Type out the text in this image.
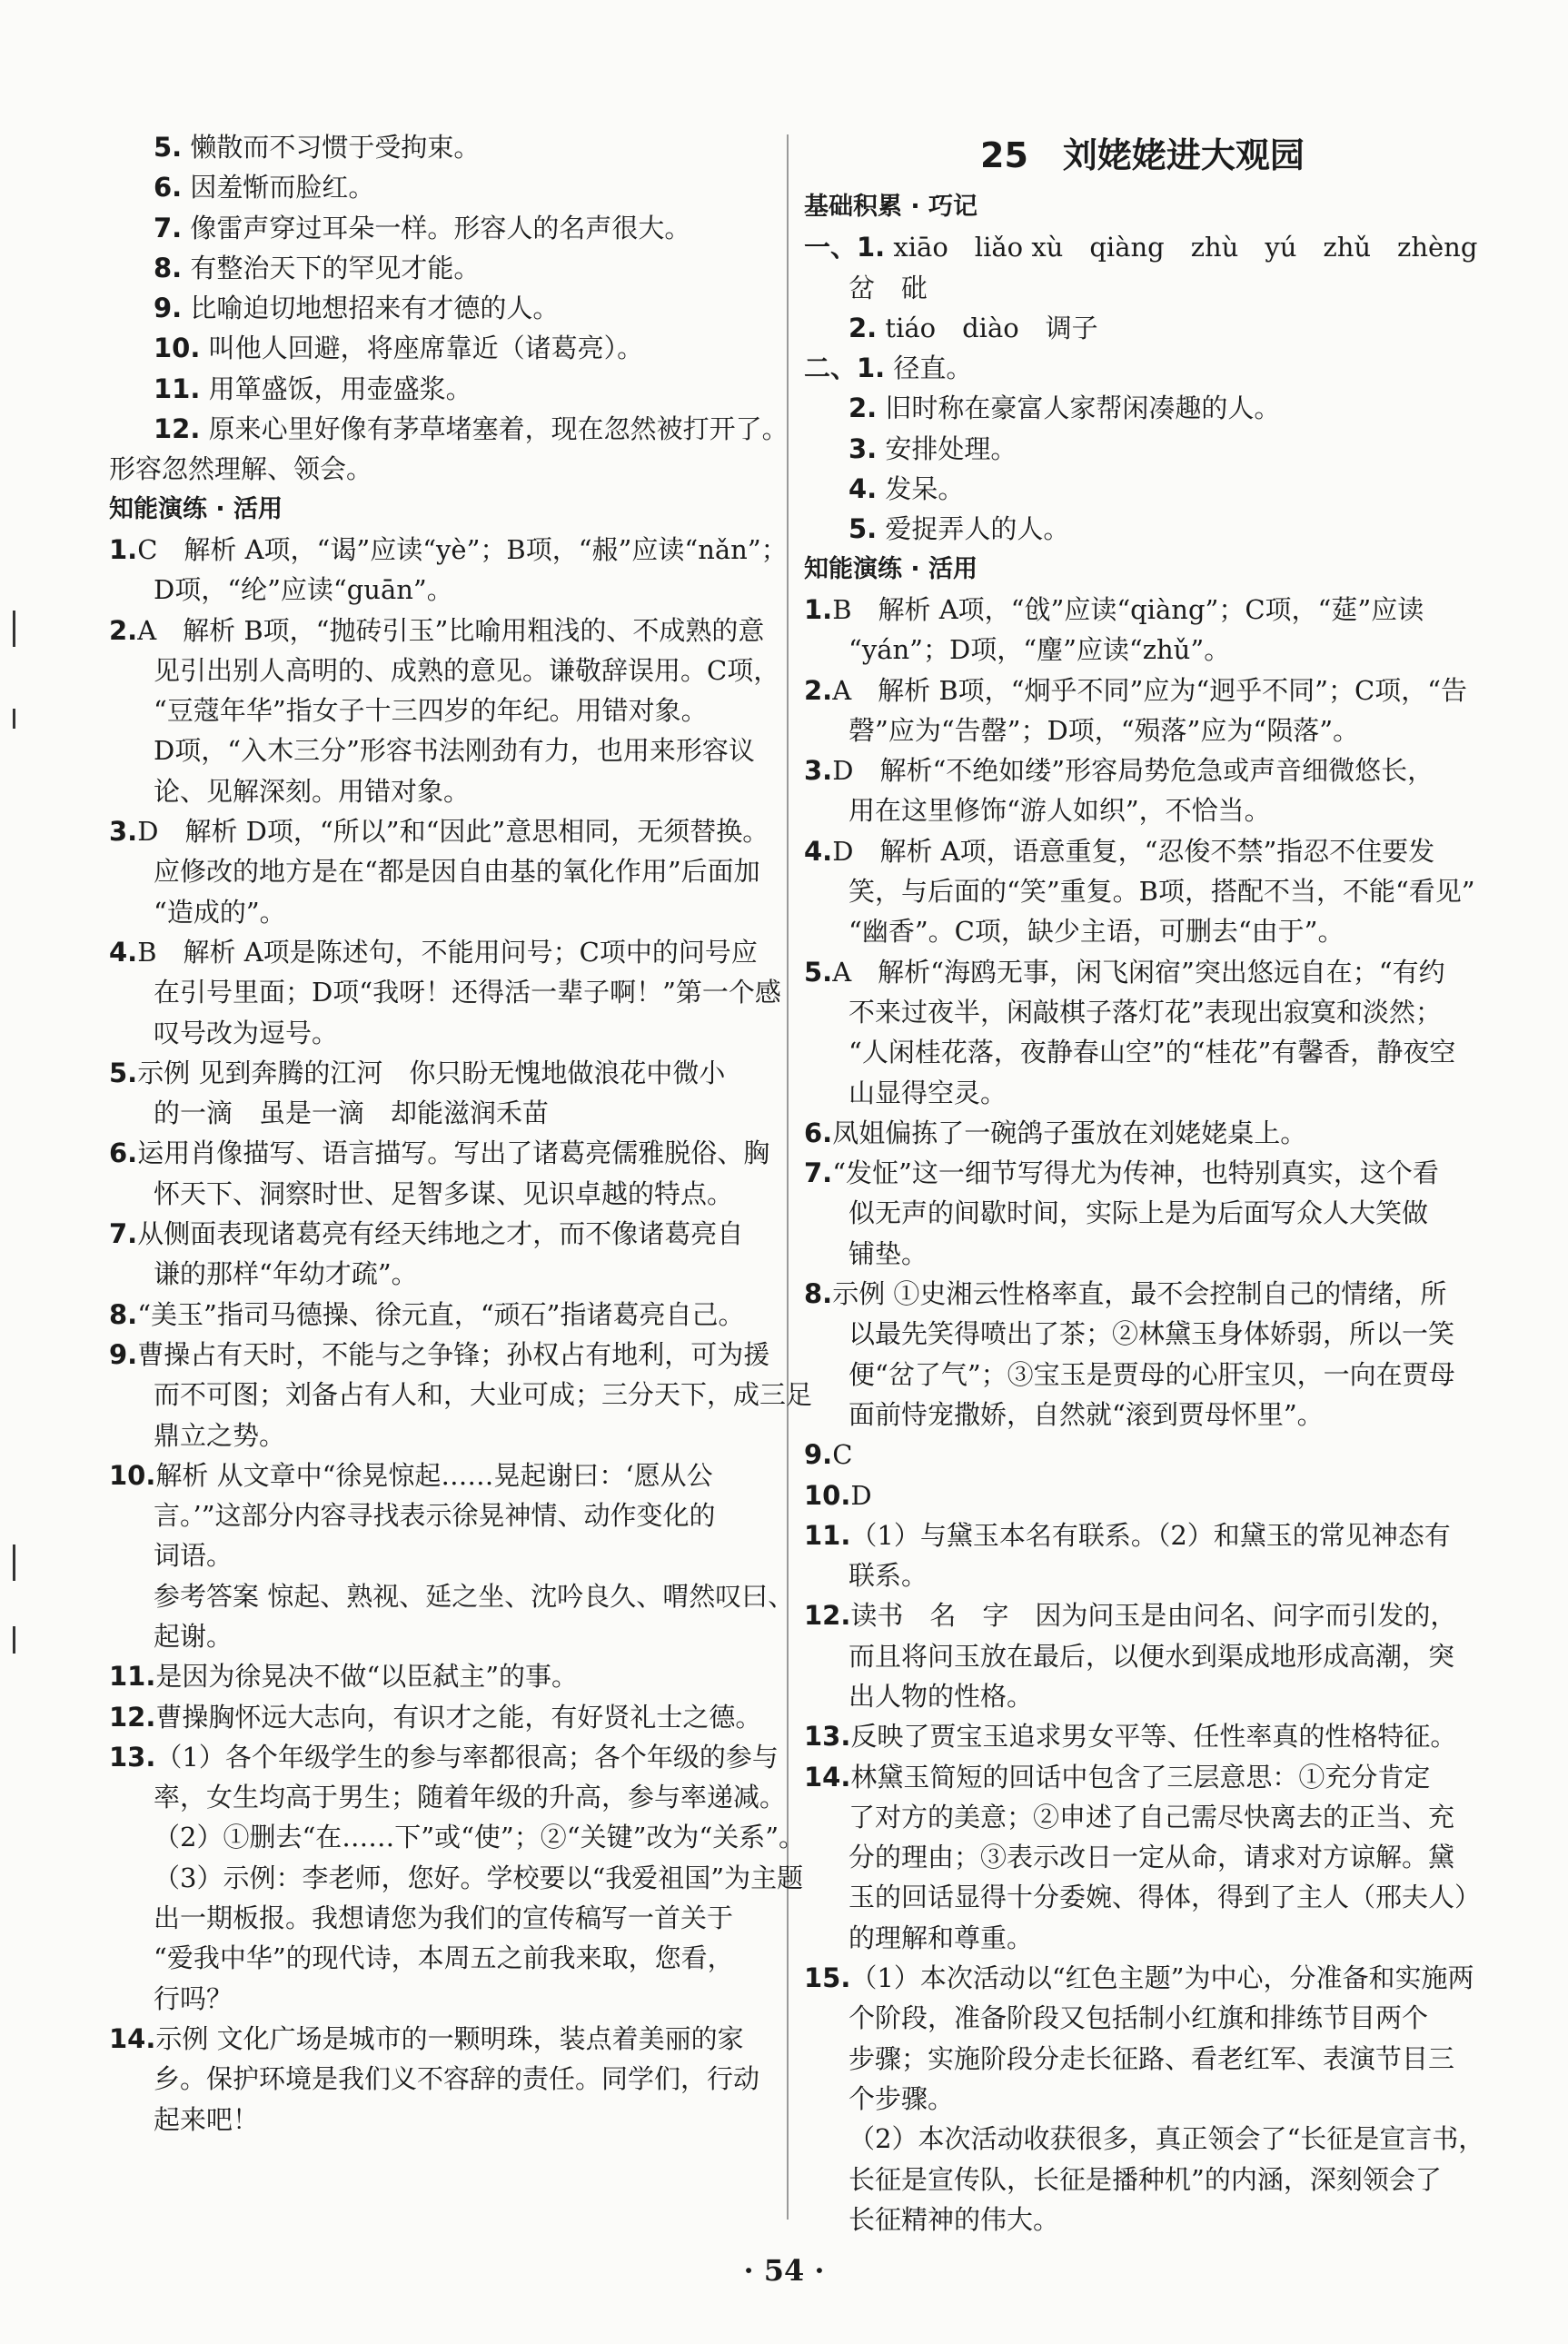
5. 懒散而不习惯于受拘束。
6. 因羞惭而脸红。
7. 像雷声穿过耳朵一样。形容人的名声很大。
8. 有整治天下的罕见才能。
9. 比喻迫切地想招来有才德的人。
10. 叫他人回避，将座席靠近（诸葛亮）。
11. 用箪盛饭，用壶盛浆。
12. 原来心里好像有茅草堵塞着，现在忽然被打开了。
形容忽然理解、领会。
知能演练 · 活用
1.C　解析 A项，“谒”应读“yè”；B项，“赧”应读“nǎn”；
D项，“纶”应读“guān”。
2.A　解析 B项，“抛砖引玉”比喻用粗浅的、不成熟的意
见引出别人高明的、成熟的意见。谦敬辞误用。C项，
“豆蔻年华”指女子十三四岁的年纪。用错对象。
D项，“入木三分”形容书法刚劲有力，也用来形容议
论、见解深刻。用错对象。
3.D　解析 D项，“所以”和“因此”意思相同，无须替换。
应修改的地方是在“都是因自由基的氧化作用”后面加
“造成的”。
4.B　解析 A项是陈述句，不能用问号；C项中的问号应
在引号里面；D项“我呀！还得活一辈子啊！”第一个感
叹号改为逗号。
5.示例 见到奔腾的江河　你只盼无愧地做浪花中微小
的一滴　虽是一滴　却能滋润禾苗
6.运用肖像描写、语言描写。写出了诸葛亮儒雅脱俗、胸
怀天下、洞察时世、足智多谋、见识卓越的特点。
7.从侧面表现诸葛亮有经天纬地之才，而不像诸葛亮自
谦的那样“年幼才疏”。
8.“美玉”指司马德操、徐元直，“顽石”指诸葛亮自己。
9.曹操占有天时，不能与之争锋；孙权占有地利，可为援
而不可图；刘备占有人和，大业可成；三分天下，成三足
鼎立之势。
10.解析 从文章中“徐晃惊起……晃起谢曰：‘愿从公
言。’”这部分内容寻找表示徐晃神情、动作变化的
词语。
参考答案 惊起、熟视、延之坐、沈吟良久、喟然叹曰、
起谢。
11.是因为徐晃决不做“以臣弑主”的事。
12.曹操胸怀远大志向，有识才之能，有好贤礼士之德。
13.（1）各个年级学生的参与率都很高；各个年级的参与
率，女生均高于男生；随着年级的升高，参与率递减。
（2）①删去“在……下”或“使”；②“关键”改为“关系”。
（3）示例：李老师，您好。学校要以“我爱祖国”为主题
出一期板报。我想请您为我们的宣传稿写一首关于
“爱我中华”的现代诗，本周五之前我来取，您看，
行吗？
14.示例 文化广场是城市的一颗明珠，装点着美丽的家
乡。保护环境是我们义不容辞的责任。同学们，行动
起来吧！
25　刘姥姥进大观园
基础积累 · 巧记
一、1. xiāo　liǎo xù　qiàng　zhù　yú　zhǔ　zhèng
岔　砒
2. tiáo　diào　调子
二、1. 径直。
2. 旧时称在豪富人家帮闲凑趣的人。
3. 安排处理。
4. 发呆。
5. 爱捉弄人的人。
知能演练 · 活用
1.B　解析 A项，“戗”应读“qiàng”；C项，“莚”应读
“yán”；D项，“麈”应读“zhǔ”。
2.A　解析 B项，“炯乎不同”应为“迥乎不同”；C项，“告
磬”应为“告罄”；D项，“殒落”应为“陨落”。
3.D　解析“不绝如缕”形容局势危急或声音细微悠长，
用在这里修饰“游人如织”，不恰当。
4.D　解析 A项，语意重复，“忍俊不禁”指忍不住要发
笑，与后面的“笑”重复。B项，搭配不当，不能“看见”
“幽香”。C项，缺少主语，可删去“由于”。
5.A　解析“海鸥无事，闲飞闲宿”突出悠远自在；“有约
不来过夜半，闲敲棋子落灯花”表现出寂寞和淡然；
“人闲桂花落，夜静春山空”的“桂花”有馨香，静夜空
山显得空灵。
6.凤姐偏拣了一碗鸽子蛋放在刘姥姥桌上。
7.“发怔”这一细节写得尤为传神，也特别真实，这个看
似无声的间歇时间，实际上是为后面写众人大笑做
铺垫。
8.示例 ①史湘云性格率直，最不会控制自己的情绪，所
以最先笑得喷出了茶；②林黛玉身体娇弱，所以一笑
便“岔了气”；③宝玉是贾母的心肝宝贝，一向在贾母
面前恃宠撒娇，自然就“滚到贾母怀里”。
9.C
10.D
11.（1）与黛玉本名有联系。（2）和黛玉的常见神态有
联系。
12.读书　名　字　因为问玉是由问名、问字而引发的，
而且将问玉放在最后，以便水到渠成地形成高潮，突
出人物的性格。
13.反映了贾宝玉追求男女平等、任性率真的性格特征。
14.林黛玉简短的回话中包含了三层意思：①充分肯定
了对方的美意；②申述了自己需尽快离去的正当、充
分的理由；③表示改日一定从命，请求对方谅解。黛
玉的回话显得十分委婉、得体，得到了主人（邢夫人）
的理解和尊重。
15.（1）本次活动以“红色主题”为中心，分准备和实施两
个阶段，准备阶段又包括制小红旗和排练节目两个
步骤；实施阶段分走长征路、看老红军、表演节目三
个步骤。
（2）本次活动收获很多，真正领会了“长征是宣言书，
长征是宣传队，长征是播种机”的内涵，深刻领会了
长征精神的伟大。
· 54 ·
